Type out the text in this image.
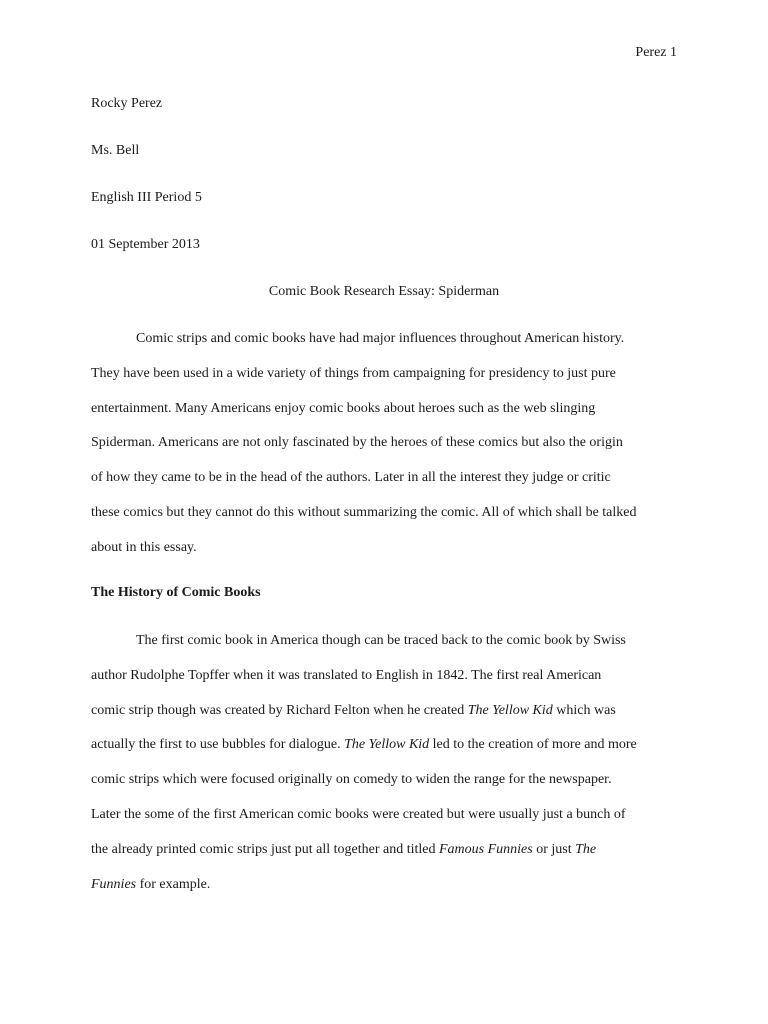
Perez 1
Rocky Perez
Ms. Bell
English III Period 5
01 September 2013
Comic Book Research Essay: Spiderman
Comic strips and comic books have had major influences throughout American history.
They have been used in a wide variety of things from campaigning for presidency to just pure
entertainment. Many Americans enjoy comic books about heroes such as the web slinging
Spiderman. Americans are not only fascinated by the heroes of these comics but also the origin
of how they came to be in the head of the authors. Later in all the interest they judge or critic
these comics but they cannot do this without summarizing the comic. All of which shall be talked
about in this essay.
The History of Comic Books
The first comic book in America though can be traced back to the comic book by Swiss
author Rudolphe Topffer when it was translated to English in 1842. The first real American
comic strip though was created by Richard Felton when he created The Yellow Kid which was
actually the first to use bubbles for dialogue. The Yellow Kid led to the creation of more and more
comic strips which were focused originally on comedy to widen the range for the newspaper.
Later the some of the first American comic books were created but were usually just a bunch of
the already printed comic strips just put all together and titled Famous Funnies or just The
Funnies for example.
